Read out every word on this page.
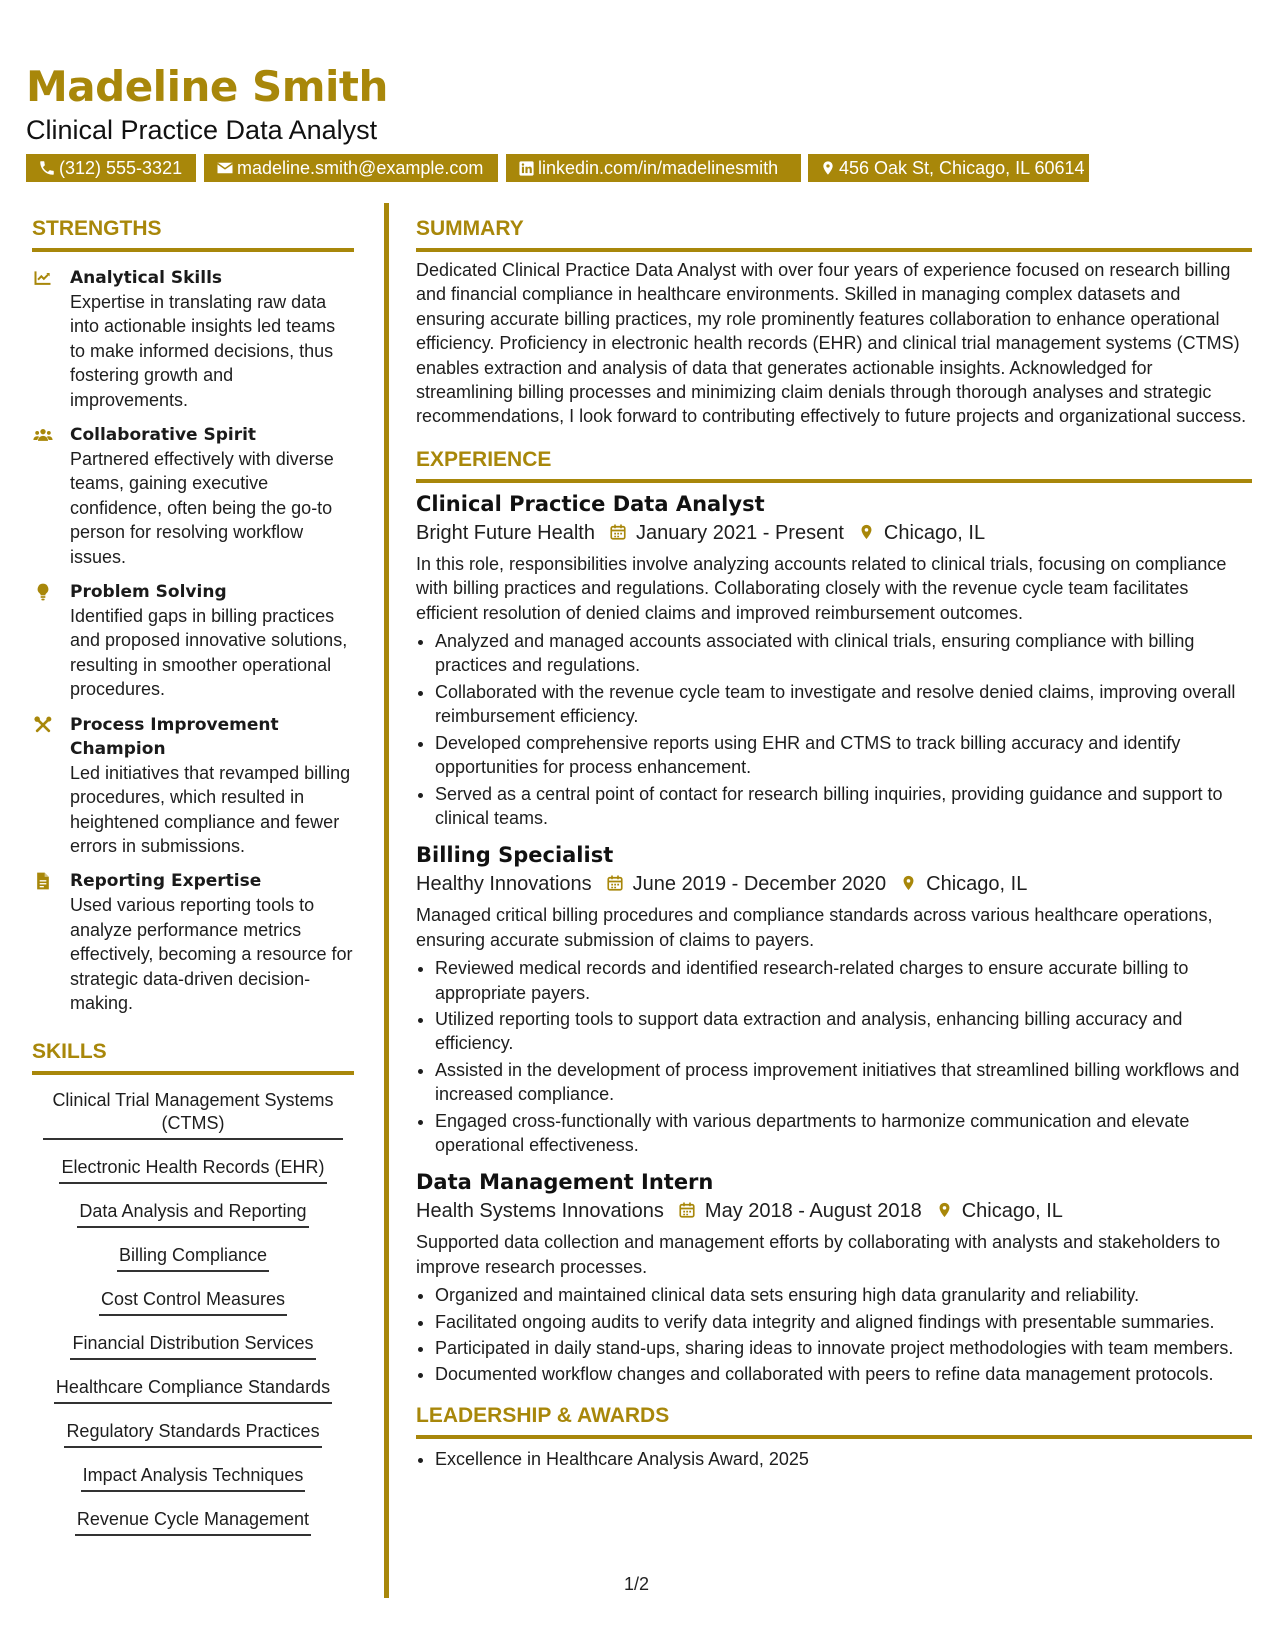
Madeline Smith
Clinical Practice Data Analyst
(312) 555-3321	madeline.smith@example.com	linkedin.com/in/madelinesmith	456 Oak St, Chicago, IL 60614
STRENGTHS
Analytical Skills
Expertise in translating raw data into actionable insights led teams to make informed decisions, thus fostering growth and improvements.
Collaborative Spirit
Partnered effectively with diverse teams, gaining executive confidence, often being the go-to person for resolving workflow issues.
Problem Solving
Identified gaps in billing practices and proposed innovative solutions, resulting in smoother operational procedures.
Process Improvement Champion
Led initiatives that revamped billing procedures, which resulted in heightened compliance and fewer errors in submissions.
Reporting Expertise
Used various reporting tools to analyze performance metrics effectively, becoming a resource for strategic data-driven decision-making.
SKILLS
Clinical Trial Management Systems (CTMS)
Electronic Health Records (EHR)
Data Analysis and Reporting
Billing Compliance
Cost Control Measures
Financial Distribution Services
Healthcare Compliance Standards
Regulatory Standards Practices
Impact Analysis Techniques
Revenue Cycle Management
SUMMARY

Dedicated Clinical Practice Data Analyst with over four years of experience focused on research billing and financial compliance in healthcare environments. Skilled in managing complex datasets and ensuring accurate billing practices, my role prominently features collaboration to enhance operational efficiency. Proficiency in electronic health records (EHR) and clinical trial management systems (CTMS) enables extraction and analysis of data that generates actionable insights. Acknowledged for streamlining billing processes and minimizing claim denials through thorough analyses and strategic recommendations, I look forward to contributing effectively to future projects and organizational success.

EXPERIENCE
Clinical Practice Data Analyst
Bright Future Health January 2021 - Present Chicago, IL

In this role, responsibilities involve analyzing accounts related to clinical trials, focusing on compliance with billing practices and regulations. Collaborating closely with the revenue cycle team facilitates efficient resolution of denied claims and improved reimbursement outcomes.

• Analyzed and managed accounts associated with clinical trials, ensuring compliance with billing practices and regulations.
• Collaborated with the revenue cycle team to investigate and resolve denied claims, improving overall reimbursement efficiency.
• Developed comprehensive reports using EHR and CTMS to track billing accuracy and identify opportunities for process enhancement.
• Served as a central point of contact for research billing inquiries, providing guidance and support to clinical teams.
Billing Specialist
Healthy Innovations June 2019 - December 2020 Chicago, IL

Managed critical billing procedures and compliance standards across various healthcare operations, ensuring accurate submission of claims to payers.

• Reviewed medical records and identified research-related charges to ensure accurate billing to appropriate payers.
• Utilized reporting tools to support data extraction and analysis, enhancing billing accuracy and efficiency.
• Assisted in the development of process improvement initiatives that streamlined billing workflows and increased compliance.
• Engaged cross-functionally with various departments to harmonize communication and elevate operational effectiveness.
Data Management Intern
Health Systems Innovations May 2018 - August 2018 Chicago, IL

Supported data collection and management efforts by collaborating with analysts and stakeholders to improve research processes.

• Organized and maintained clinical data sets ensuring high data granularity and reliability.
• Facilitated ongoing audits to verify data integrity and aligned findings with presentable summaries.
• Participated in daily stand-ups, sharing ideas to innovate project methodologies with team members.
• Documented workflow changes and collaborated with peers to refine data management protocols.
LEADERSHIP & AWARDS
• Excellence in Healthcare Analysis Award, 2025
1/2
